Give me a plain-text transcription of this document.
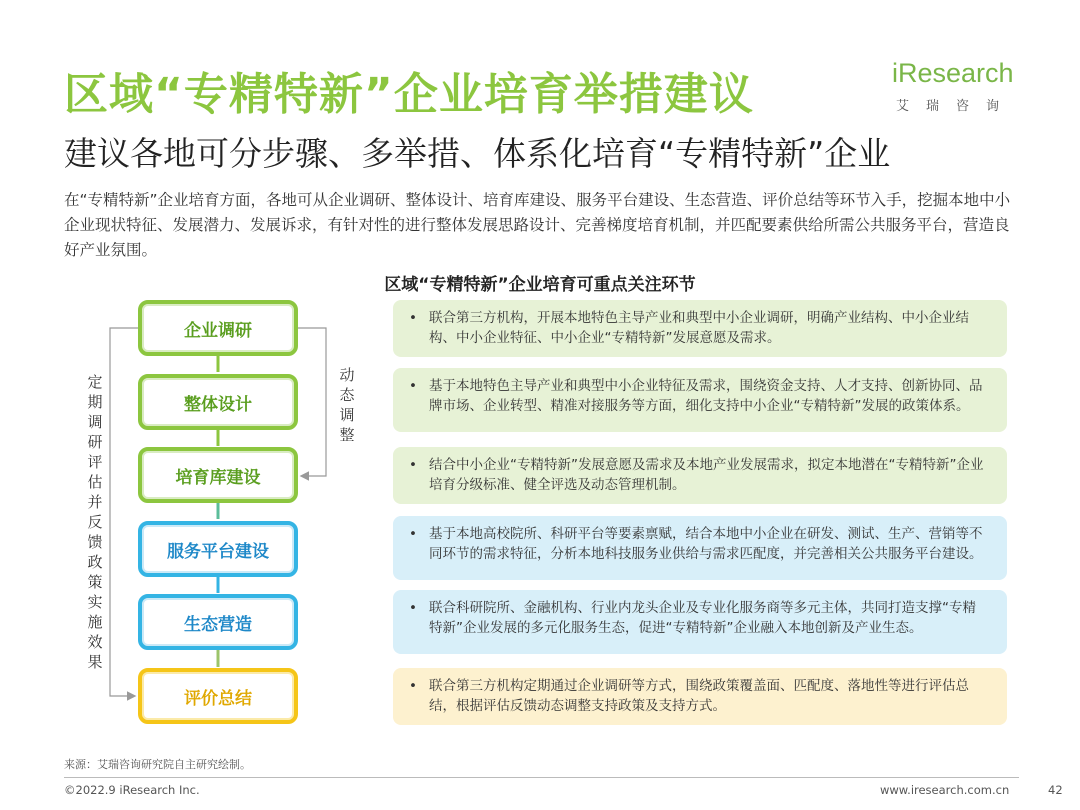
区域“专精特新”企业培育举措建议
建议各地可分步骤、多举措、体系化培育“专精特新”企业
iResearch
艾瑞咨询
在“专精特新”企业培育方面，各地可从企业调研、整体设计、培育库建设、服务平台建设、生态营造、评价总结等环节入手，挖掘本地中小企业现状特征、发展潜力、发展诉求，有针对性的进行整体发展思路设计、完善梯度培育机制，并匹配要素供给所需公共服务平台，营造良好产业氛围。
区域“专精特新”企业培育可重点关注环节
定期调研评估并反馈政策实施效果
动态调整
企业调研
整体设计
培育库建设
服务平台建设
生态营造
评价总结
• 联合第三方机构，开展本地特色主导产业和典型中小企业调研，明确产业结构、中小企业结构、中小企业特征、中小企业“专精特新”发展意愿及需求。
• 基于本地特色主导产业和典型中小企业特征及需求，围绕资金支持、人才支持、创新协同、品牌市场、企业转型、精准对接服务等方面，细化支持中小企业“专精特新”发展的政策体系。
• 结合中小企业“专精特新”发展意愿及需求及本地产业发展需求，拟定本地潜在“专精特新”企业培育分级标准、健全评选及动态管理机制。
• 基于本地高校院所、科研平台等要素禀赋，结合本地中小企业在研发、测试、生产、营销等不同环节的需求特征，分析本地科技服务业供给与需求匹配度，并完善相关公共服务平台建设。
• 联合科研院所、金融机构、行业内龙头企业及专业化服务商等多元主体，共同打造支撑“专精特新”企业发展的多元化服务生态，促进“专精特新”企业融入本地创新及产业生态。
• 联合第三方机构定期通过企业调研等方式，围绕政策覆盖面、匹配度、落地性等进行评估总结，根据评估反馈动态调整支持政策及支持方式。
来源：艾瑞咨询研究院自主研究绘制。
©2022.9 iResearch Inc.	www.iresearch.com.cn	42
